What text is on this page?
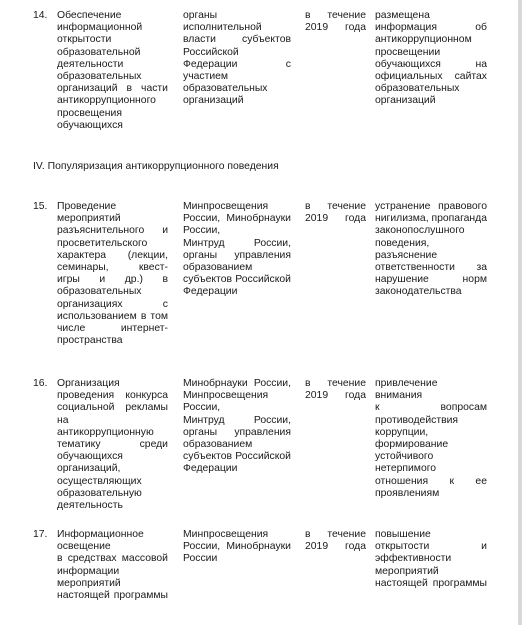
14. Обеспечение
информационной
открытости
образовательной
деятельности
образовательных
организаций в части
антикоррупционного
просвещения
обучающихся
органы
исполнительной
власти субъектов
Российской
Федерации с участием
образовательных
организаций
в течение
2019 года
размещена
информация об
антикоррупционном
просвещении
обучающихся на
официальных сайтах
образовательных
организаций
IV. Популяризация антикоррупционного поведения
15. Проведение
мероприятий
разъяснительного и
просветительского
характера (лекции,
семинары, квест-
игры и др.) в
образовательных
организациях с
использованием в том
числе интернет-
пространства
Минпросвещения
России, Минобрнауки
России,
Минтруд России,
органы управления
образованием
субъектов Российской
Федерации
в течение
2019 года
устранение правового
нигилизма, пропаганда
законопослушного
поведения,
разъяснение
ответственности за
нарушение норм
законодательства
16. Организация
проведения конкурса
социальной рекламы
на антикоррупционную
тематику среди
обучающихся
организаций,
осуществляющих
образовательную
деятельность
Минобрнауки России,
Минпросвещения
России,
Минтруд России,
органы управления
образованием
субъектов Российской
Федерации
в течение
2019 года
привлечение внимания
к вопросам
противодействия
коррупции,
формирование
устойчивого
нетерпимого
отношения к ее
проявлениям
17. Информационное
освещение
в средствах массовой
информации
мероприятий
настоящей программы
Минпросвещения
России, Минобрнауки
России
в течение
2019 года
повышение
открытости и
эффективности
мероприятий
настоящей программы
